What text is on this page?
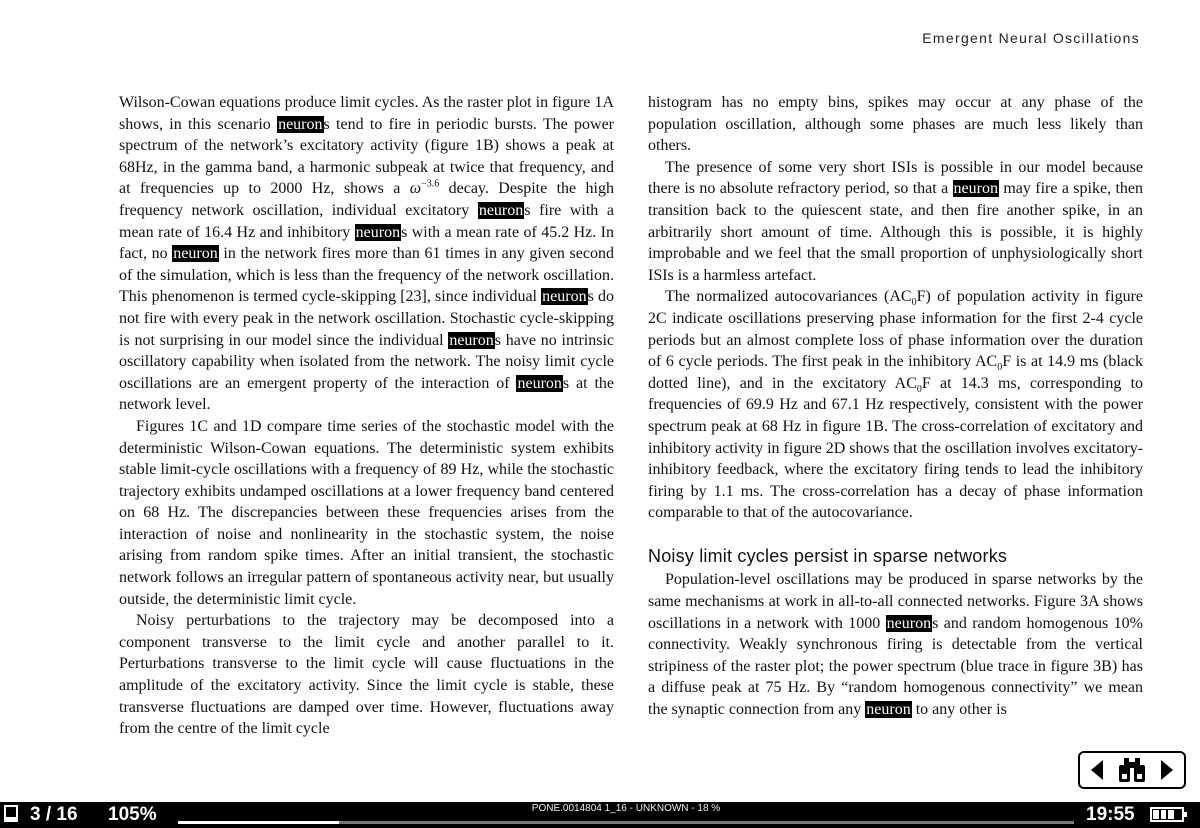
Emergent Neural Oscillations

Wilson-Cowan equations produce limit cycles. As the raster plot in figure 1A shows, in this scenario neurons tend to fire in periodic bursts. The power spectrum of the network’s excitatory activity (figure 1B) shows a peak at 68Hz, in the gamma band, a harmonic subpeak at twice that frequency, and at frequencies up to 2000 Hz, shows a $\omega^{-3.6}$ decay. Despite the high frequency network oscillation, individual excitatory neurons fire with a mean rate of 16.4 Hz and inhibitory neurons with a mean rate of 45.2 Hz. In fact, no neuron in the network fires more than 61 times in any given second of the simulation, which is less than the frequency of the network oscillation. This phenomenon is termed cycle-skipping [23], since individual neurons do not fire with every peak in the network oscillation. Stochastic cycle-skipping is not surprising in our model since the individual neurons have no intrinsic oscillatory capability when isolated from the network. The noisy limit cycle oscillations are an emergent property of the interaction of neurons at the network level.

Figures 1C and 1D compare time series of the stochastic model with the deterministic Wilson-Cowan equations. The deterministic system exhibits stable limit-cycle oscillations with a frequency of 89 Hz, while the stochastic trajectory exhibits undamped oscillations at a lower frequency band centered on 68 Hz. The discrepancies between these frequencies arises from the interaction of noise and nonlinearity in the stochastic system, the noise arising from random spike times. After an initial transient, the stochastic network follows an irregular pattern of spontaneous activity near, but usually outside, the deterministic limit cycle.

Noisy perturbations to the trajectory may be decomposed into a component transverse to the limit cycle and another parallel to it. Perturbations transverse to the limit cycle will cause fluctuations in the amplitude of the excitatory activity. Since the limit cycle is stable, these transverse fluctuations are damped over time. However, fluctuations away from the centre of the limit cycle

histogram has no empty bins, spikes may occur at any phase of the population oscillation, although some phases are much less likely than others.

The presence of some very short ISIs is possible in our model because there is no absolute refractory period, so that a neuron may fire a spike, then transition back to the quiescent state, and then fire another spike, in an arbitrarily short amount of time. Although this is possible, it is highly improbable and we feel that the small proportion of unphysiologically short ISIs is a harmless artefact.

The normalized autocovariances $(AC_0F)$ of population activity in figure 2C indicate oscillations preserving phase information for the first 2-4 cycle periods but an almost complete loss of phase information over the duration of 6 cycle periods. The first peak in the inhibitory $AC_0F$ is at 14.9 ms (black dotted line), and in the excitatory $AC_0F$ at 14.3 ms, corresponding to frequencies of 69.9 Hz and 67.1 Hz respectively, consistent with the power spectrum peak at 68 Hz in figure 1B. The cross-correlation of excitatory and inhibitory activity in figure 2D shows that the oscillation involves excitatory-inhibitory feedback, where the excitatory firing tends to lead the inhibitory firing by 1.1 ms. The cross-correlation has a decay of phase information comparable to that of the autocovariance.

Noisy limit cycles persist in sparse networks

Population-level oscillations may be produced in sparse networks by the same mechanisms at work in all-to-all connected networks. Figure 3A shows oscillations in a network with 1000 neurons and random homogenous 10% connectivity. Weakly synchronous firing is detectable from the vertical stripiness of the raster plot; the power spectrum (blue trace in figure 3B) has a diffuse peak at 75 Hz. By “random homogenous connectivity” we mean the synaptic connection from any neuron to any other is

3 / 16 105%	PONE.0014804 1_16 - UNKNOWN - 18 %	19:55
